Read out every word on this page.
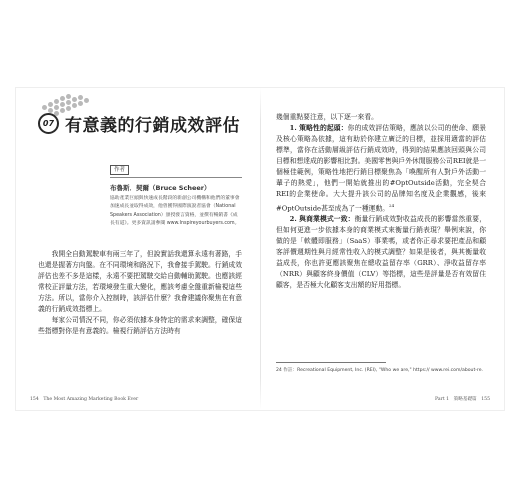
07 有意義的行銷成效評估
作者
布魯斯．契爾（Bruce Scheer）
協助產業巨頭與快速成長階段的新創公司機構和他們的董事會加速成長並取得成效，他曾獲得國際演說者協會（National Speakers Association）頒授發言資格，並撰有暢銷書《成長有道》。更多資訊請參閱 www.Inspireyourbuyers.com。

我開全自動駕駛車有兩三年了，但說實話我還算永遠有著路，手也還是握著方向盤。在不同環境和路況下，我會接手駕駛。行銷成效評估也差不多是這樣，永遠不要把駕駛交給自動輔助駕駛。也應該經常校正評量方法，若環境發生重大變化，應該考慮全盤重新檢視這些方法。所以，當你介入控制時，該評估什麼？我會建議你聚焦在有意義的行銷成效指標上。

每家公司情況不同，你必須依據本身特定的需求來調整，確保這些指標對你是有意義的。檢視行銷評估方法時有

154　The Most Amazing Marketing Book Ever

幾個重點要注意，以下逐一來看。

1. 策略性的起頭：你的成效評估策略，應該以公司的使命、願景及核心策略為依據，這有助於你建立廣泛的目標，並採用適當的評估標準，當你在活動層級評估行銷成效時，得到的結果應該回頭與公司目標和想達成的影響相比對。美國零售與戶外休閒服務公司REI就是一個極佳範例，策略性地把行銷目標聚焦為「喚醒所有人對戶外活動一輩子的熱愛」，他們一開始就推出的#OptOutside活動，完全契合REI的企業使命。大大提升該公司的品牌知名度及企業觀感，後來#OptOutside甚至成為了一種運動。$^{24}$

2. 與商業模式一致：衡量行銷成效對收益成長的影響當然重要，但如何更進一步依據本身的商業模式來衡量行銷表現？舉例來說，你做的是「軟體即服務」（SaaS）事業嗎，或者你正尋求要把產品和顧客評價週期性與月經常性收入的模式調整？如果是後者，與其衡量收益成長，你也許更應該聚焦在總收益留存率（GRR）、淨收益留存率（NRR）與顧客終身價值（CLV）等指標，這些是評量是否有效留住顧客，是否極大化顧客支出額的好用指標。

24 作註：Recreational Equipment, Inc. (REI), "Who we are," https:// www.rei.com/about-re.
Part 1　策略基礎篇　155
